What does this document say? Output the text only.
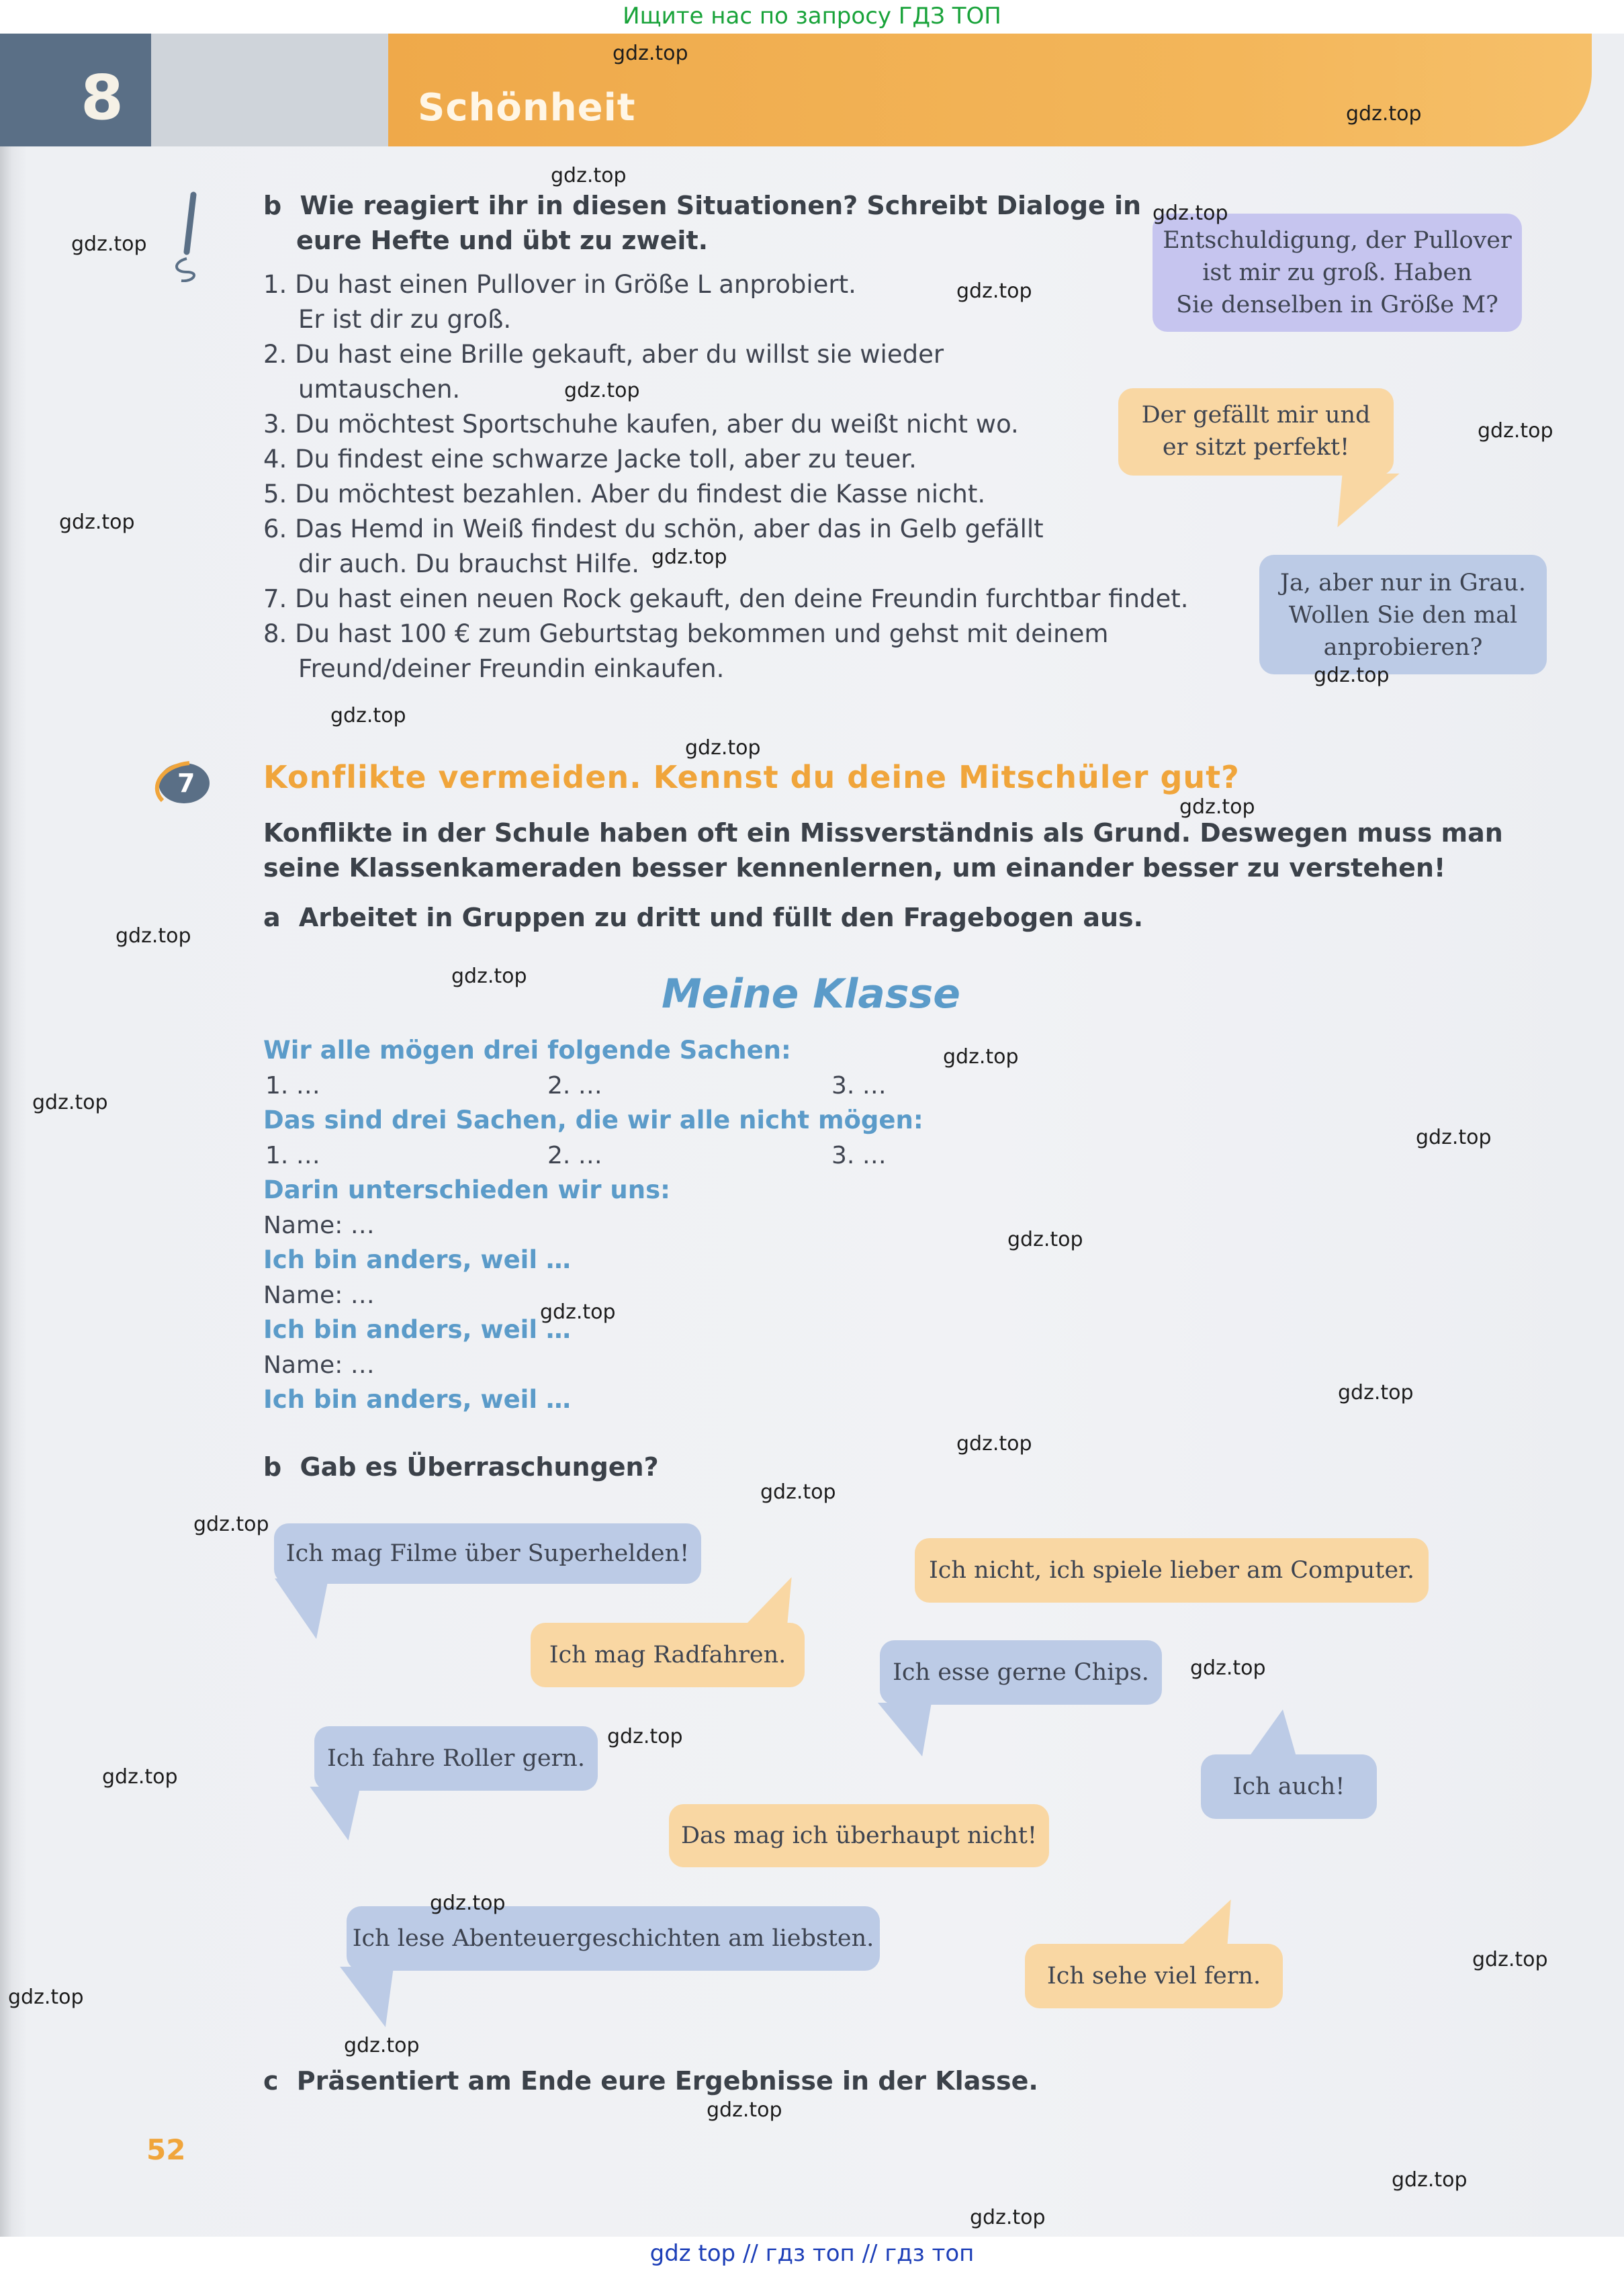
Ищите нас по запросу ГДЗ ТОП
8	Schönheit
b Wie reagiert ihr in diesen Situationen? Schreibt Dialoge in
eure Hefte und übt zu zweit.
1. Du hast einen Pullover in Größe L anprobiert.
Er ist dir zu groß.
2. Du hast eine Brille gekauft, aber du willst sie wieder
umtauschen.
3. Du möchtest Sportschuhe kaufen, aber du weißt nicht wo.
4. Du findest eine schwarze Jacke toll, aber zu teuer.
5. Du möchtest bezahlen. Aber du findest die Kasse nicht.
6. Das Hemd in Weiß findest du schön, aber das in Gelb gefällt
dir auch. Du brauchst Hilfe.
7. Du hast einen neuen Rock gekauft, den deine Freundin furchtbar findet.
8. Du hast 100 € zum Geburtstag bekommen und gehst mit deinem
Freund/deiner Freundin einkaufen.
Entschuldigung, der Pullover
ist mir zu groß. Haben
Sie denselben in Größe M?
Der gefällt mir und
er sitzt perfekt!
Ja, aber nur in Grau.
Wollen Sie den mal
anprobieren?
7 Konflikte vermeiden. Kennst du deine Mitschüler gut?
Konflikte in der Schule haben oft ein Missverständnis als Grund. Deswegen muss man
seine Klassenkameraden besser kennenlernen, um einander besser zu verstehen!
a Arbeitet in Gruppen zu dritt und füllt den Fragebogen aus.
Meine Klasse
Wir alle mögen drei folgende Sachen:
1. …	2. …	3. …
Das sind drei Sachen, die wir alle nicht mögen:
1. …	2. …	3. …
Darin unterschieden wir uns:
Name: …
Ich bin anders, weil …
Name: …
Ich bin anders, weil …
Name: …
Ich bin anders, weil …
b Gab es Überraschungen?
Ich mag Filme über Superhelden!
Ich nicht, ich spiele lieber am Computer.
Ich mag Radfahren.
Ich esse gerne Chips.
Ich fahre Roller gern.
Ich auch!
Das mag ich überhaupt nicht!
Ich lese Abenteuergeschichten am liebsten.
Ich sehe viel fern.
c Präsentiert am Ende eure Ergebnisse in der Klasse.
52
gdz.top
gdz.top
gdz.top
gdz.top
gdz.top
gdz.top
gdz.top
gdz.top
gdz.top
gdz.top
gdz.top
gdz.top
gdz.top
gdz.top
gdz.top
gdz.top
gdz.top
gdz.top
gdz.top
gdz.top
gdz.top
gdz.top
gdz.top
gdz.top
gdz.top
gdz.top
gdz.top
gdz.top
gdz.top
gdz.top
gdz.top
gdz.top
gdz.top
gdz.top
gdz.top
gdz top // гдз топ // гдз топ
